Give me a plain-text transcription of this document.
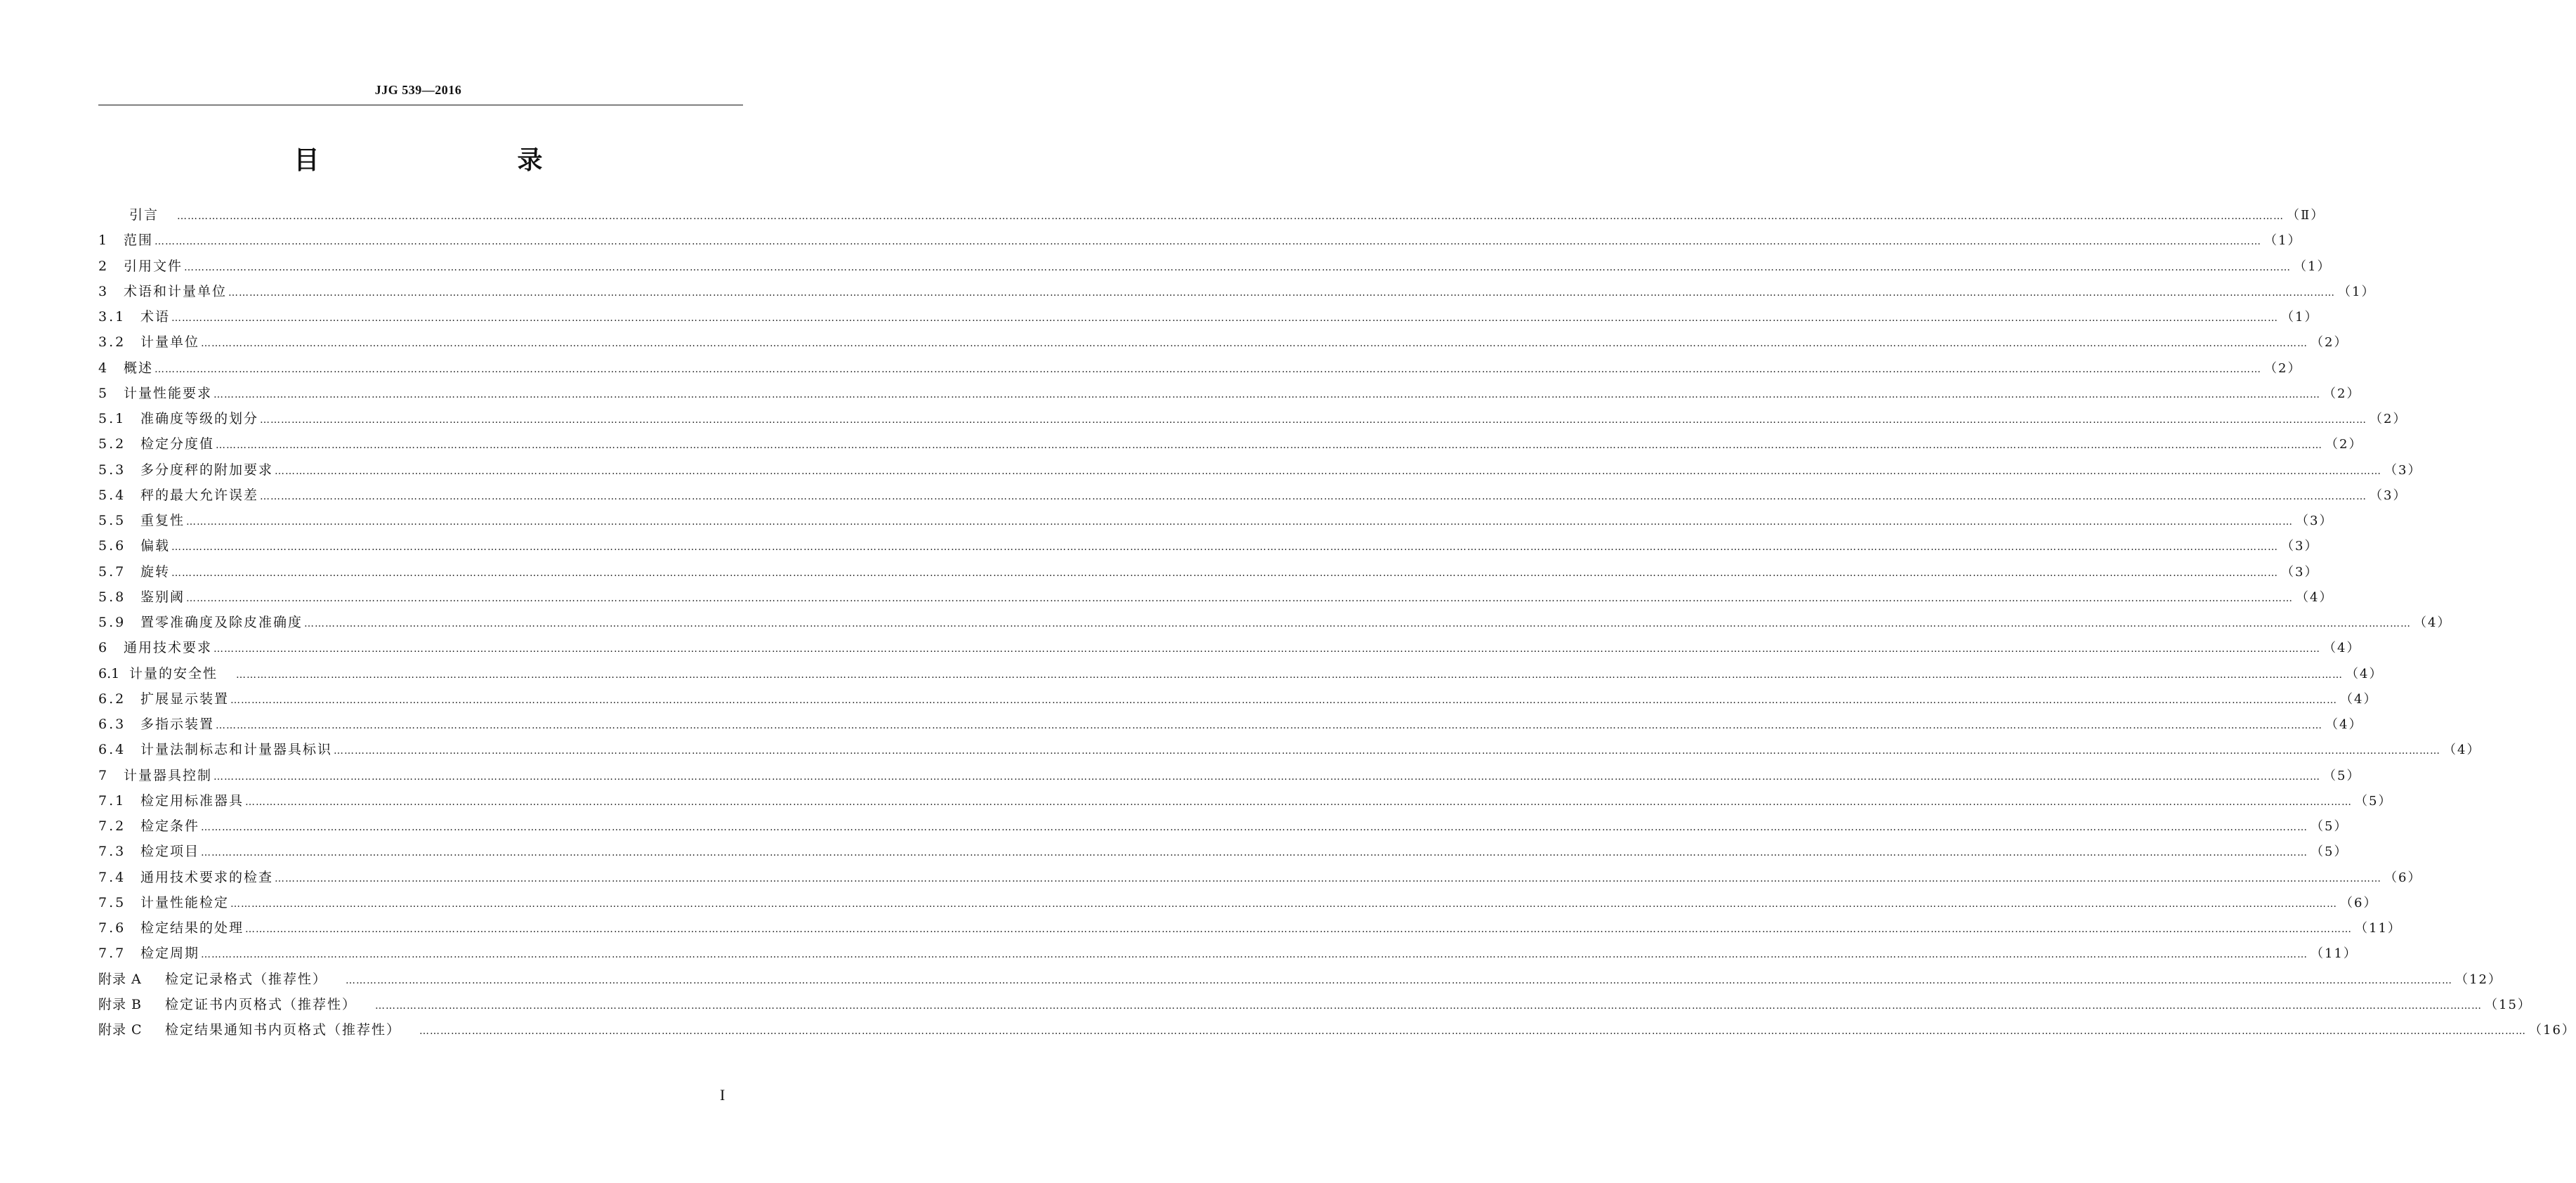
JJG 539—2016
目　　录
引言 …………………………………………………………………………………………………………………………………………………………………………………………………………………………………………………………………………………………………………………………………………………………………………………………………………………………………………………………………………………………………………………………………………………… （Ⅱ）
1	范围 …………………………………………………………………………………………………………………………………………………………………………………………………………………………………………………………………………………………………………………………………………………………………………………………………………………………………………………………………………………………………………………………………………………… （1）
2	引用文件 …………………………………………………………………………………………………………………………………………………………………………………………………………………………………………………………………………………………………………………………………………………………………………………………………………………………………………………………………………………………………………………………………………………… （1）
3	术语和计量单位 …………………………………………………………………………………………………………………………………………………………………………………………………………………………………………………………………………………………………………………………………………………………………………………………………………………………………………………………………………………………………………………………………………………… （1）
3.1	术语 …………………………………………………………………………………………………………………………………………………………………………………………………………………………………………………………………………………………………………………………………………………………………………………………………………………………………………………………………………………………………………………………………………………… （1）
3.2	计量单位 …………………………………………………………………………………………………………………………………………………………………………………………………………………………………………………………………………………………………………………………………………………………………………………………………………………………………………………………………………………………………………………………………………………… （2）
4	概述 …………………………………………………………………………………………………………………………………………………………………………………………………………………………………………………………………………………………………………………………………………………………………………………………………………………………………………………………………………………………………………………………………………………… （2）
5	计量性能要求 …………………………………………………………………………………………………………………………………………………………………………………………………………………………………………………………………………………………………………………………………………………………………………………………………………………………………………………………………………………………………………………………………………………… （2）
5.1	准确度等级的划分 …………………………………………………………………………………………………………………………………………………………………………………………………………………………………………………………………………………………………………………………………………………………………………………………………………………………………………………………………………………………………………………………………………………… （2）
5.2	检定分度值 …………………………………………………………………………………………………………………………………………………………………………………………………………………………………………………………………………………………………………………………………………………………………………………………………………………………………………………………………………………………………………………………………………………… （2）
5.3	多分度秤的附加要求 …………………………………………………………………………………………………………………………………………………………………………………………………………………………………………………………………………………………………………………………………………………………………………………………………………………………………………………………………………………………………………………………………………………… （3）
5.4	秤的最大允许误差 …………………………………………………………………………………………………………………………………………………………………………………………………………………………………………………………………………………………………………………………………………………………………………………………………………………………………………………………………………………………………………………………………………………… （3）
5.5	重复性 …………………………………………………………………………………………………………………………………………………………………………………………………………………………………………………………………………………………………………………………………………………………………………………………………………………………………………………………………………………………………………………………………………………… （3）
5.6	偏载 …………………………………………………………………………………………………………………………………………………………………………………………………………………………………………………………………………………………………………………………………………………………………………………………………………………………………………………………………………………………………………………………………………………… （3）
5.7	旋转 …………………………………………………………………………………………………………………………………………………………………………………………………………………………………………………………………………………………………………………………………………………………………………………………………………………………………………………………………………………………………………………………………………………… （3）
5.8	鉴别阈 …………………………………………………………………………………………………………………………………………………………………………………………………………………………………………………………………………………………………………………………………………………………………………………………………………………………………………………………………………………………………………………………………………………… （4）
5.9	置零准确度及除皮准确度 …………………………………………………………………………………………………………………………………………………………………………………………………………………………………………………………………………………………………………………………………………………………………………………………………………………………………………………………………………………………………………………………………………………… （4）
6	通用技术要求 …………………………………………………………………………………………………………………………………………………………………………………………………………………………………………………………………………………………………………………………………………………………………………………………………………………………………………………………………………………………………………………………………………………… （4）
6.1 计量的安全性 …………………………………………………………………………………………………………………………………………………………………………………………………………………………………………………………………………………………………………………………………………………………………………………………………………………………………………………………………………………………………………………………………………………… （4）
6.2	扩展显示装置 …………………………………………………………………………………………………………………………………………………………………………………………………………………………………………………………………………………………………………………………………………………………………………………………………………………………………………………………………………………………………………………………………………………… （4）
6.3	多指示装置 …………………………………………………………………………………………………………………………………………………………………………………………………………………………………………………………………………………………………………………………………………………………………………………………………………………………………………………………………………………………………………………………………………………… （4）
6.4	计量法制标志和计量器具标识 …………………………………………………………………………………………………………………………………………………………………………………………………………………………………………………………………………………………………………………………………………………………………………………………………………………………………………………………………………………………………………………………………………………… （4）
7	计量器具控制 …………………………………………………………………………………………………………………………………………………………………………………………………………………………………………………………………………………………………………………………………………………………………………………………………………………………………………………………………………………………………………………………………………………… （5）
7.1	检定用标准器具 …………………………………………………………………………………………………………………………………………………………………………………………………………………………………………………………………………………………………………………………………………………………………………………………………………………………………………………………………………………………………………………………………………………… （5）
7.2	检定条件 …………………………………………………………………………………………………………………………………………………………………………………………………………………………………………………………………………………………………………………………………………………………………………………………………………………………………………………………………………………………………………………………………………………… （5）
7.3	检定项目 …………………………………………………………………………………………………………………………………………………………………………………………………………………………………………………………………………………………………………………………………………………………………………………………………………………………………………………………………………………………………………………………………………………… （5）
7.4	通用技术要求的检查 …………………………………………………………………………………………………………………………………………………………………………………………………………………………………………………………………………………………………………………………………………………………………………………………………………………………………………………………………………………………………………………………………………………… （6）
7.5	计量性能检定 …………………………………………………………………………………………………………………………………………………………………………………………………………………………………………………………………………………………………………………………………………………………………………………………………………………………………………………………………………………………………………………………………………………… （6）
7.6	检定结果的处理 …………………………………………………………………………………………………………………………………………………………………………………………………………………………………………………………………………………………………………………………………………………………………………………………………………………………………………………………………………………………………………………………………………………… （11）
7.7	检定周期 …………………………………………………………………………………………………………………………………………………………………………………………………………………………………………………………………………………………………………………………………………………………………………………………………………………………………………………………………………………………………………………………………………………… （11）
附录 A	检定记录格式（推荐性） …………………………………………………………………………………………………………………………………………………………………………………………………………………………………………………………………………………………………………………………………………………………………………………………………………………………………………………………………………………………………………………………………………………… （12）
附录 B	检定证书内页格式（推荐性） …………………………………………………………………………………………………………………………………………………………………………………………………………………………………………………………………………………………………………………………………………………………………………………………………………………………………………………………………………………………………………………………………………………… （15）
附录 C	检定结果通知书内页格式（推荐性） …………………………………………………………………………………………………………………………………………………………………………………………………………………………………………………………………………………………………………………………………………………………………………………………………………………………………………………………………………………………………………………………………………………… （16）
I
